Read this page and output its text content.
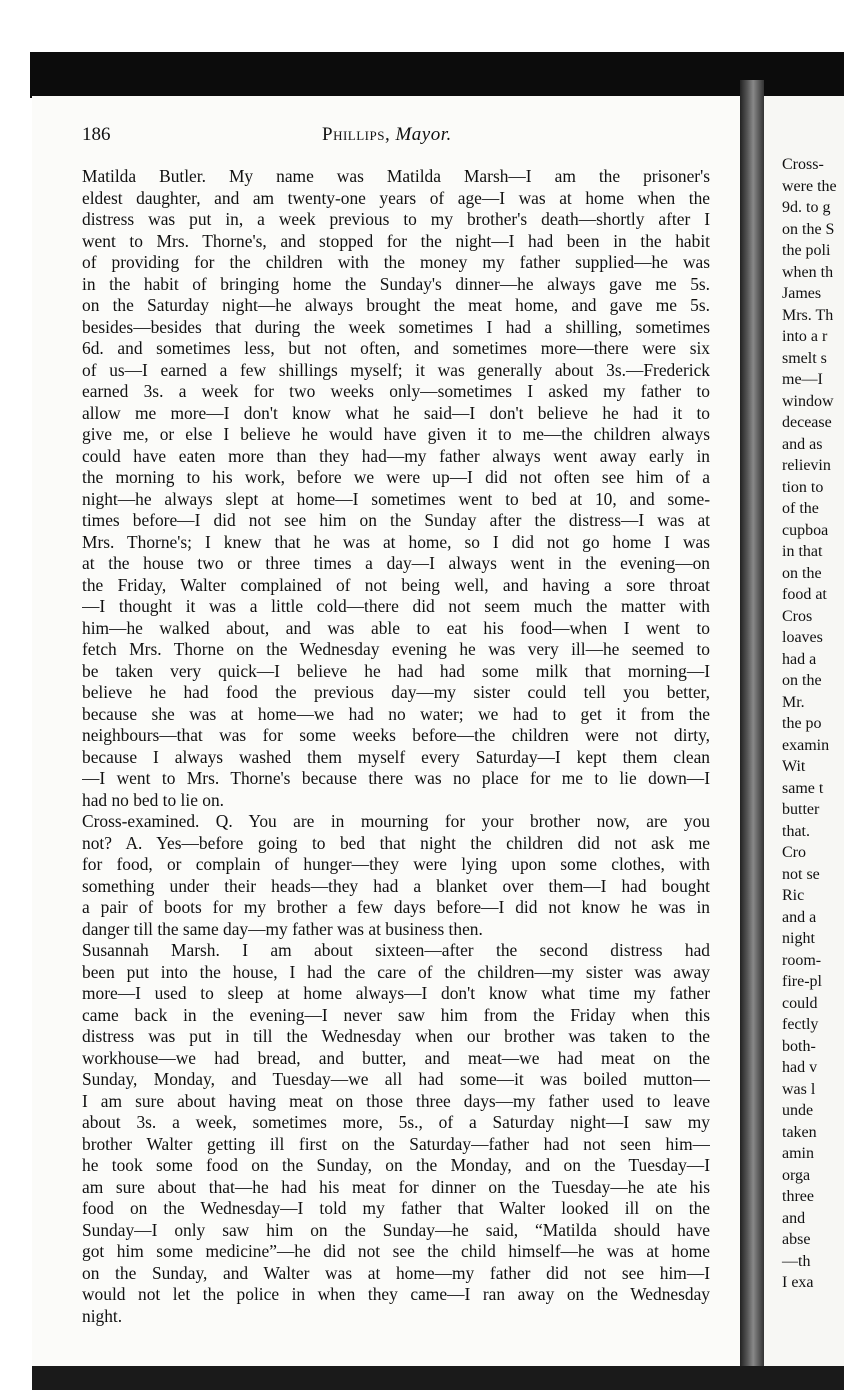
Cross-
were the
9d. to g
on the S
the poli
when th
James
Mrs. Th
into a r
smelt s
me—I
window
decease
and as
relievin
tion to
of the
cupboa
in that
on the
food at
Cros
loaves
had a
on the
Mr.
the po
examin
Wit
same t
butter
that.
Cro
not se
Ric
and a
night
room-
fire-pl
could
fectly
both-
had v
was l
unde
taken
amin
orga
three
and
abse
—th
I exa
186	Phillips, Mayor.
Matilda Butler. My name was Matilda Marsh—I am the prisoner's
eldest daughter, and am twenty-one years of age—I was at home when the
distress was put in, a week previous to my brother's death—shortly after I
went to Mrs. Thorne's, and stopped for the night—I had been in the habit
of providing for the children with the money my father supplied—he was
in the habit of bringing home the Sunday's dinner—he always gave me 5s.
on the Saturday night—he always brought the meat home, and gave me 5s.
besides—besides that during the week sometimes I had a shilling, sometimes
6d. and sometimes less, but not often, and sometimes more—there were six
of us—I earned a few shillings myself; it was generally about 3s.—Frederick
earned 3s. a week for two weeks only—sometimes I asked my father to
allow me more—I don't know what he said—I don't believe he had it to
give me, or else I believe he would have given it to me—the children always
could have eaten more than they had—my father always went away early in
the morning to his work, before we were up—I did not often see him of a
night—he always slept at home—I sometimes went to bed at 10, and some-
times before—I did not see him on the Sunday after the distress—I was at
Mrs. Thorne's; I knew that he was at home, so I did not go home I was
at the house two or three times a day—I always went in the evening—on
the Friday, Walter complained of not being well, and having a sore throat
—I thought it was a little cold—there did not seem much the matter with
him—he walked about, and was able to eat his food—when I went to
fetch Mrs. Thorne on the Wednesday evening he was very ill—he seemed to
be taken very quick—I believe he had had some milk that morning—I
believe he had food the previous day—my sister could tell you better,
because she was at home—we had no water; we had to get it from the
neighbours—that was for some weeks before—the children were not dirty,
because I always washed them myself every Saturday—I kept them clean
—I went to Mrs. Thorne's because there was no place for me to lie down—I
had no bed to lie on.
Cross-examined. Q. You are in mourning for your brother now, are you
not? A. Yes—before going to bed that night the children did not ask me
for food, or complain of hunger—they were lying upon some clothes, with
something under their heads—they had a blanket over them—I had bought
a pair of boots for my brother a few days before—I did not know he was in
danger till the same day—my father was at business then.
Susannah Marsh. I am about sixteen—after the second distress had
been put into the house, I had the care of the children—my sister was away
more—I used to sleep at home always—I don't know what time my father
came back in the evening—I never saw him from the Friday when this
distress was put in till the Wednesday when our brother was taken to the
workhouse—we had bread, and butter, and meat—we had meat on the
Sunday, Monday, and Tuesday—we all had some—it was boiled mutton—
I am sure about having meat on those three days—my father used to leave
about 3s. a week, sometimes more, 5s., of a Saturday night—I saw my
brother Walter getting ill first on the Saturday—father had not seen him—
he took some food on the Sunday, on the Monday, and on the Tuesday—I
am sure about that—he had his meat for dinner on the Tuesday—he ate his
food on the Wednesday—I told my father that Walter looked ill on the
Sunday—I only saw him on the Sunday—he said, “Matilda should have
got him some medicine”—he did not see the child himself—he was at home
on the Sunday, and Walter was at home—my father did not see him—I
would not let the police in when they came—I ran away on the Wednesday
night.
